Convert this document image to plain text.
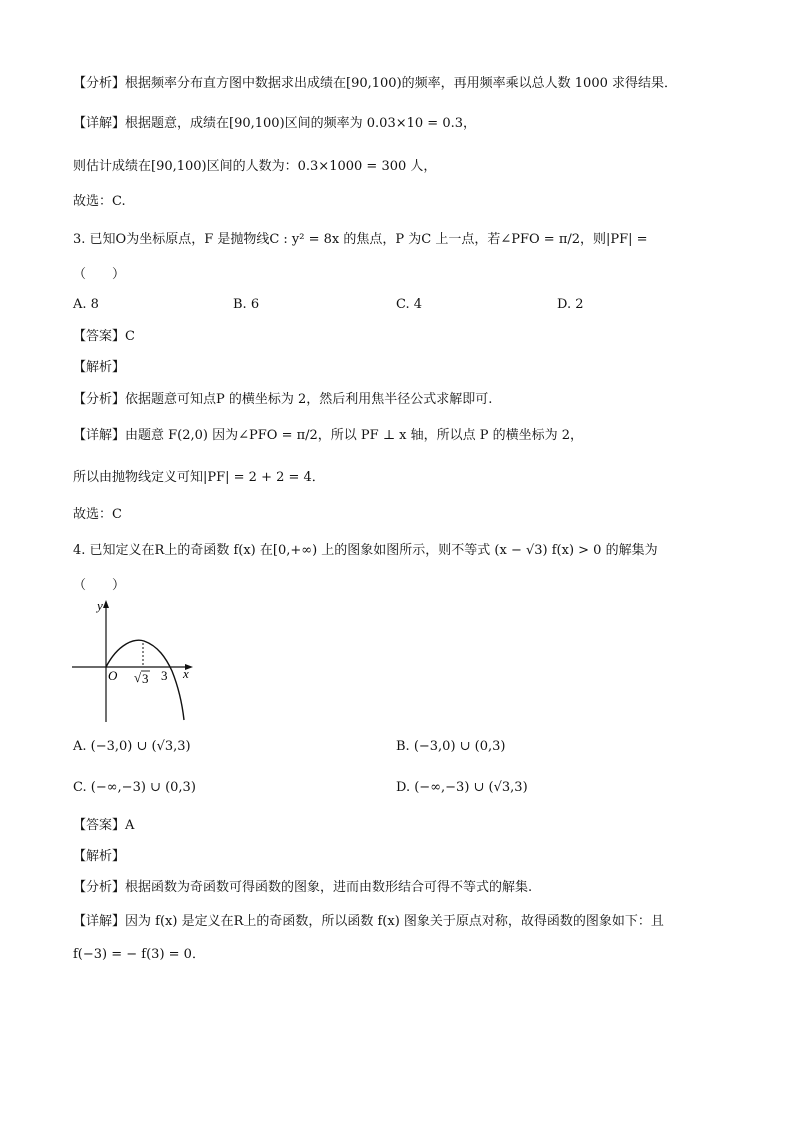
【分析】根据频率分布直方图中数据求出成绩在[90,100)的频率，再用频率乘以总人数 1000 求得结果．
【详解】根据题意，成绩在[90,100)区间的频率为 0.03×10 = 0.3，
则估计成绩在[90,100)区间的人数为：0.3×1000 = 300 人，
故选：C.
3. 已知O为坐标原点，F 是抛物线C : y² = 8x 的焦点，P 为C 上一点，若∠PFO = π/2，则|PF| =
（　　）
A. 8	B. 6	C. 4	D. 2
【答案】C
【解析】
【分析】依据题意可知点P 的横坐标为 2，然后利用焦半径公式求解即可.
【详解】由题意 F(2,0) 因为∠PFO = π/2，所以 PF ⊥ x 轴，所以点 P 的横坐标为 2，
所以由抛物线定义可知|PF| = 2 + 2 = 4．
故选：C
4. 已知定义在R上的奇函数 f(x) 在[0,+∞) 上的图象如图所示，则不等式 (x − √3) f(x) > 0 的解集为
（　　）
y
x
O √ 3 3
A. (−3,0) ∪ (√3,3)	B. (−3,0) ∪ (0,3)
C. (−∞,−3) ∪ (0,3)	D. (−∞,−3) ∪ (√3,3)
【答案】A
【解析】
【分析】根据函数为奇函数可得函数的图象，进而由数形结合可得不等式的解集.
【详解】因为 f(x) 是定义在R上的奇函数，所以函数 f(x) 图象关于原点对称，故得函数的图象如下：且
f(−3) = − f(3) = 0．
